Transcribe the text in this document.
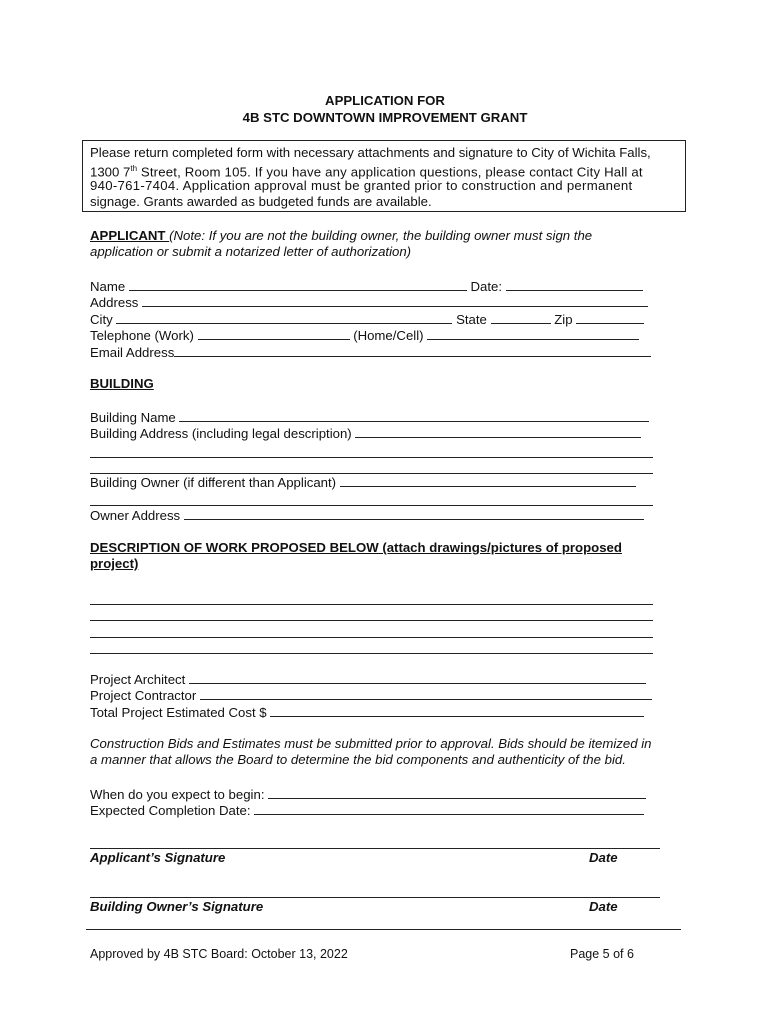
APPLICATION FOR
4B STC DOWNTOWN IMPROVEMENT GRANT
Please return completed form with necessary attachments and signature to City of Wichita Falls,
1300 7th Street, Room 105. If you have any application questions, please contact City Hall at
940-761-7404. Application approval must be granted prior to construction and permanent
signage. Grants awarded as budgeted funds are available.
APPLICANT (Note: If you are not the building owner, the building owner must sign the
application or submit a notarized letter of authorization)
Name	Date:
Address
City	State	Zip
Telephone (Work)	(Home/Cell)
Email Address
BUILDING
Building Name
Building Address (including legal description)
Building Owner (if different than Applicant)
Owner Address
DESCRIPTION OF WORK PROPOSED BELOW (attach drawings/pictures of proposed
project)
Project Architect
Project Contractor
Total Project Estimated Cost $
Construction Bids and Estimates must be submitted prior to approval. Bids should be itemized in
a manner that allows the Board to determine the bid components and authenticity of the bid.
When do you expect to begin:
Expected Completion Date:
Applicant’s Signature	Date
Building Owner’s Signature	Date
Approved by 4B STC Board: October 13, 2022	Page 5 of 6
